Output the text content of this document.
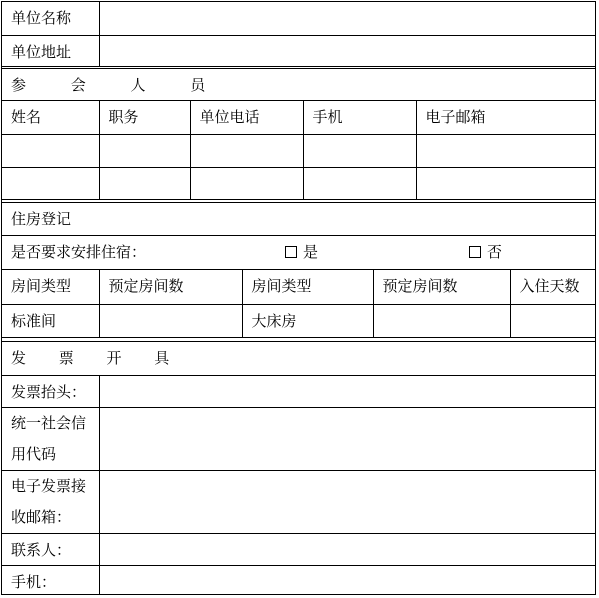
单位名称	
单位地址	
参 会 人 员				
姓名	职务	单位电话	手机	电子邮箱

住房登记				

是否要求安排住宿： 是 否				

房间类型	预定房间数	房间类型	预定房间数	入住天数
标准间		大床房		
发 票 开 具	
发票抬头：	
统一社会信用代码	
电子发票接收邮箱：	
联系人：	
手机：	
